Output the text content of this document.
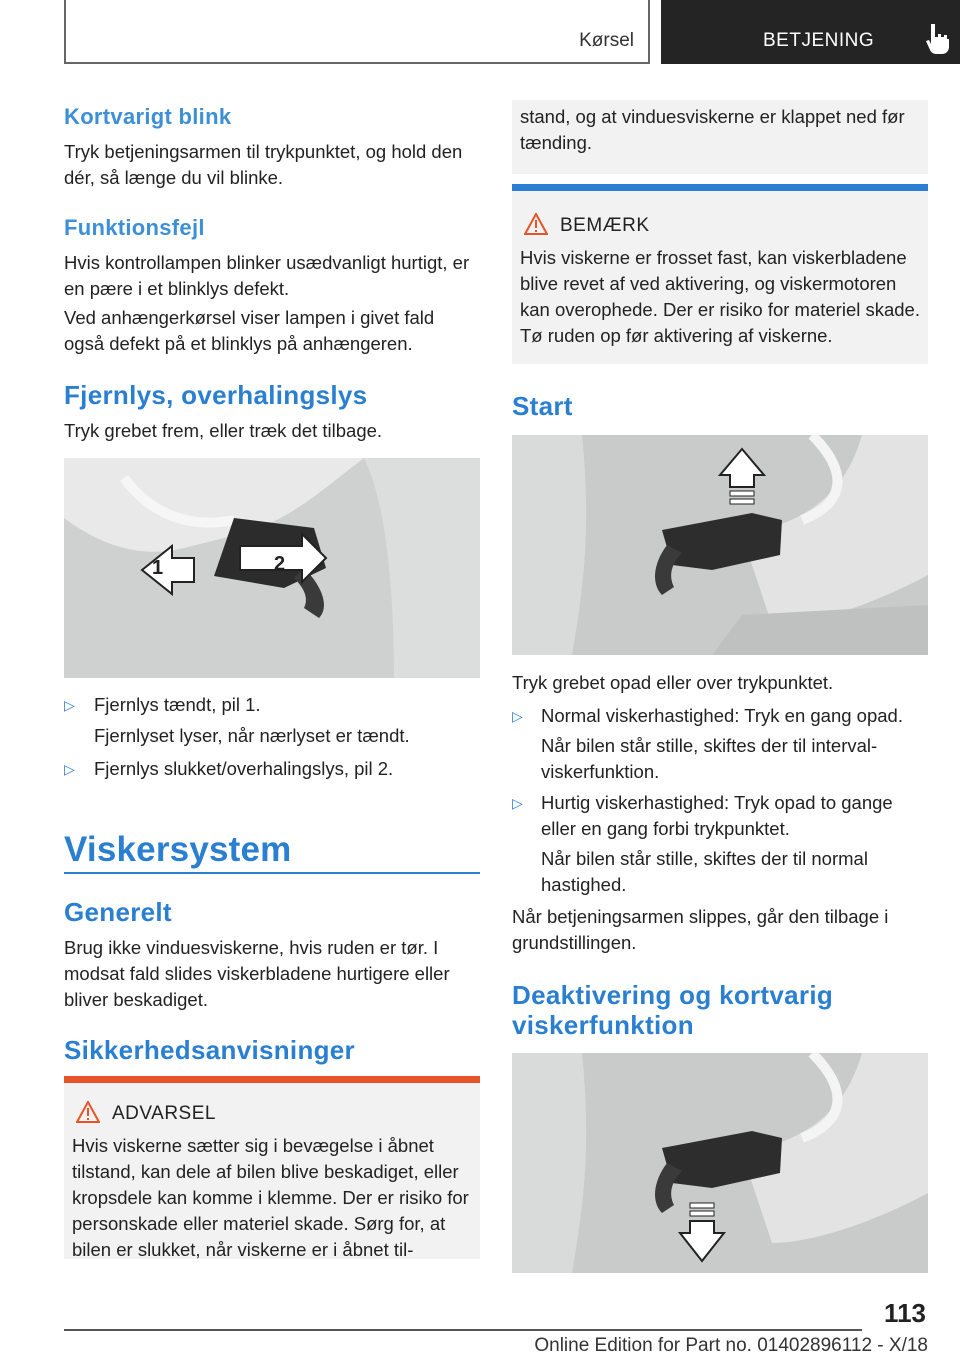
Kørsel	BETJENING
Kortvarigt blink
Tryk betjeningsarmen til trykpunktet, og hold den dér, så længe du vil blinke.
Funktionsfejl
Hvis kontrollampen blinker usædvanligt hurtigt, er en pære i et blinklys defekt.
Ved anhængerkørsel viser lampen i givet fald også defekt på et blinklys på anhængeren.
Fjernlys, overhalingslys
Tryk grebet frem, eller træk det tilbage.
1	2
▷ Fjernlys tændt, pil 1.
Fjernlyset lyser, når nærlyset er tændt.
▷ Fjernlys slukket/overhalingslys, pil 2.
Viskersystem
Generelt
Brug ikke vinduesviskerne, hvis ruden er tør. I modsat fald slides viskerbladene hurtigere eller bliver beskadiget.
Sikkerhedsanvisninger
ADVARSEL
Hvis viskerne sætter sig i bevægelse i åbnet tilstand, kan dele af bilen blive beskadiget, eller kropsdele kan komme i klemme. Der er risiko for personskade eller materiel skade. Sørg for, at bilen er slukket, når viskerne er i åbnet til-
stand, og at vinduesviskerne er klappet ned før tænding.
BEMÆRK
Hvis viskerne er frosset fast, kan viskerbladene blive revet af ved aktivering, og viskermotoren kan overophede. Der er risiko for materiel skade. Tø ruden op før aktivering af viskerne.
Start
Tryk grebet opad eller over trykpunktet.
▷ Normal viskerhastighed: Tryk en gang opad.
Når bilen står stille, skiftes der til interval-viskerfunktion.
▷ Hurtig viskerhastighed: Tryk opad to gange eller en gang forbi trykpunktet.
Når bilen står stille, skiftes der til normal hastighed.
Når betjeningsarmen slippes, går den tilbage i grundstillingen.
Deaktivering og kortvarig viskerfunktion
113
Online Edition for Part no. 01402896112 - X/18
